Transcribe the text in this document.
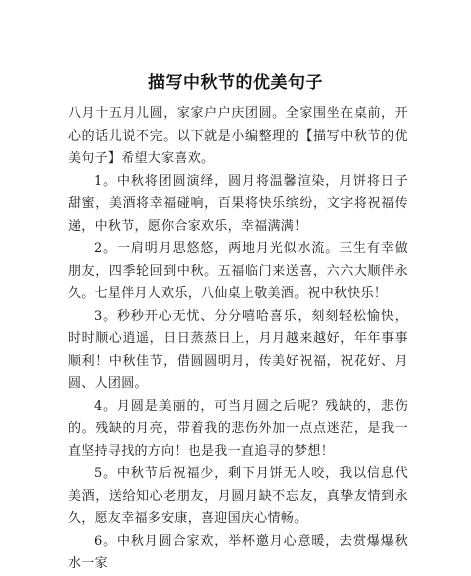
描写中秋节的优美句子

八月十五月儿圆，家家户户庆团圆。全家围坐在桌前，开心的话儿说不完。以下就是小编整理的【描写中秋节的优美句子】希望大家喜欢。

1。中秋将团圆演绎，圆月将温馨渲染，月饼将日子甜蜜，美酒将幸福碰响，百果将快乐缤纷，文字将祝福传递，中秋节，愿你合家欢乐，幸福满满！

2。一肩明月思悠悠，两地月光似水流。三生有幸做朋友，四季轮回到中秋。五福临门来送喜，六六大顺伴永久。七星伴月人欢乐，八仙桌上敬美酒。祝中秋快乐！

3。秒秒开心无忧、分分嘻哈喜乐，刻刻轻松愉快，时时顺心逍遥，日日蒸蒸日上，月月越来越好，年年事事顺利！中秋佳节，借圆圆明月，传美好祝福，祝花好、月圆、人团圆。

4。月圆是美丽的，可当月圆之后呢？残缺的，悲伤的。残缺的月亮，带着我的悲伤外加一点点迷茫，是我一直坚持寻找的方向！也是我一直追寻的梦想！

5。中秋节后祝福少，剩下月饼无人咬，我以信息代美酒，送给知心老朋友，月圆月缺不忘友，真挚友情到永久，愿友幸福多安康，喜迎国庆心情畅。

6。中秋月圆合家欢，举杯邀月心意暖，去赏爆爆秋水一家
